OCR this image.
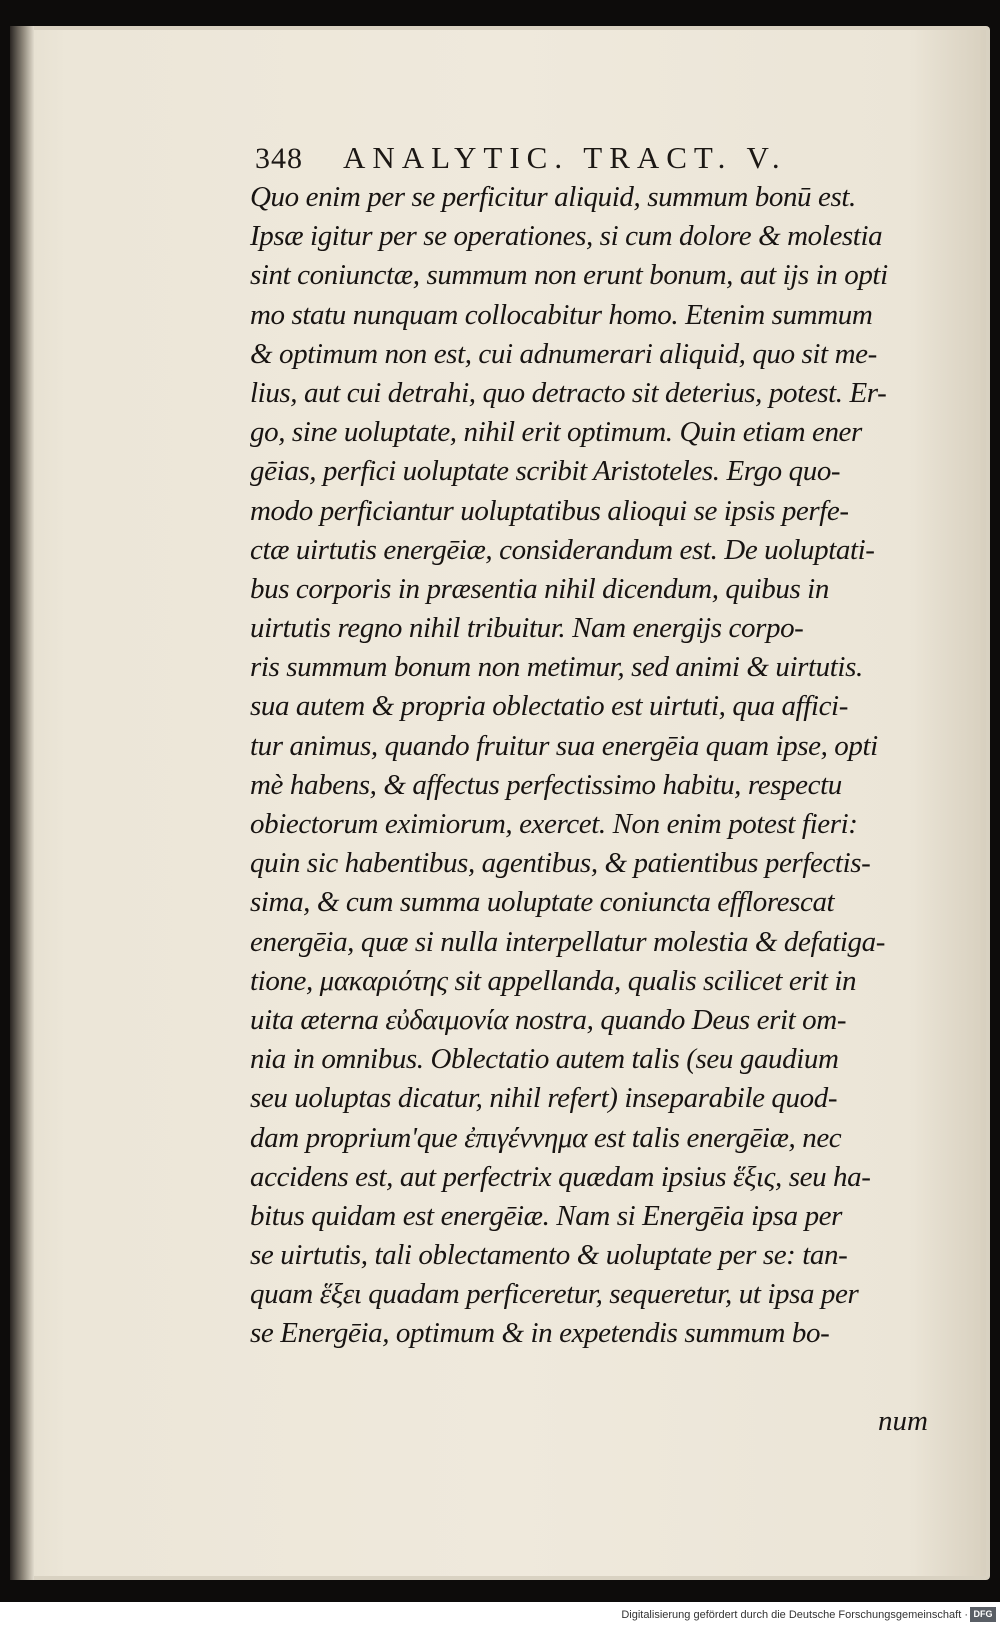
348 ANALYTIC. TRACT. V.
Quo enim per se perficitur aliquid, summum bonū est.
Ipsæ igitur per se operationes, si cum dolore & molestia
sint coniunctæ, summum non erunt bonum, aut ijs in opti
mo statu nunquam collocabitur homo. Etenim summum
& optimum non est, cui adnumerari aliquid, quo sit me-
lius, aut cui detrahi, quo detracto sit deterius, potest. Er-
go, sine uoluptate, nihil erit optimum. Quin etiam ener
gēias, perfici uoluptate scribit Aristoteles. Ergo quo-
modo perficiantur uoluptatibus alioqui se ipsis perfe-
ctæ uirtutis energēiæ, considerandum est. De uoluptati-
bus corporis in præsentia nihil dicendum, quibus in
uirtutis regno nihil tribuitur. Nam energijs corpo-
ris summum bonum non metimur, sed animi & uirtutis.
sua autem & propria oblectatio est uirtuti, qua affici-
tur animus, quando fruitur sua energēia quam ipse, opti
mè habens, & affectus perfectissimo habitu, respectu
obiectorum eximiorum, exercet. Non enim potest fieri:
quin sic habentibus, agentibus, & patientibus perfectis-
sima, & cum summa uoluptate coniuncta efflorescat
energēia, quæ si nulla interpellatur molestia & defatiga-
tione, μακαριότης sit appellanda, qualis scilicet erit in
uita æterna εὐδαιμονία nostra, quando Deus erit om-
nia in omnibus. Oblectatio autem talis (seu gaudium
seu uoluptas dicatur, nihil refert) inseparabile quod-
dam proprium'que ἐπιγέννημα est talis energēiæ, nec
accidens est, aut perfectrix quædam ipsius ἕξις, seu ha-
bitus quidam est energēiæ. Nam si Energēia ipsa per
se uirtutis, tali oblectamento & uoluptate per se: tan-
quam ἕξει quadam perficeretur, sequeretur, ut ipsa per
se Energēia, optimum & in expetendis summum bo-
num
Digitalisierung gefördert durch die Deutsche Forschungsgemeinschaft · DFG
